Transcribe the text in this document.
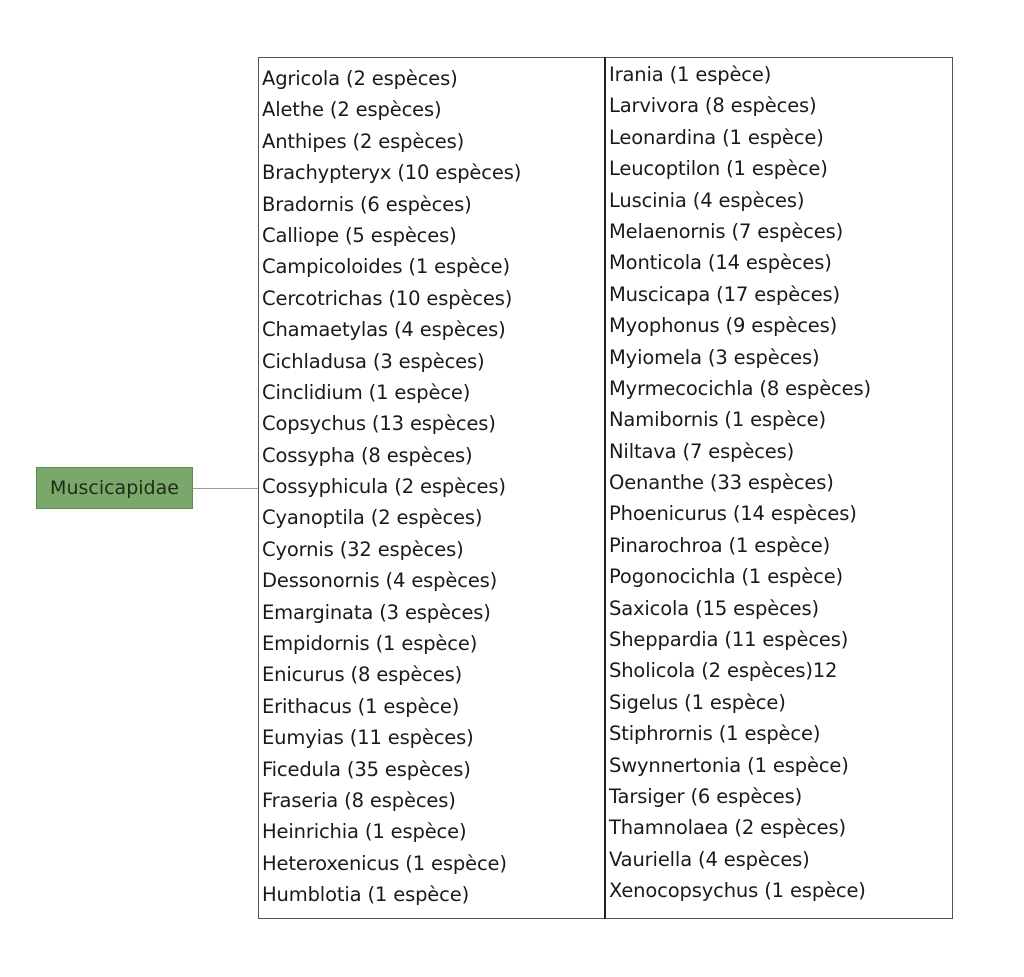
Muscicapidae
Agricola (2 espèces)
Alethe (2 espèces)
Anthipes (2 espèces)
Brachypteryx (10 espèces)
Bradornis (6 espèces)
Calliope (5 espèces)
Campicoloides (1 espèce)
Cercotrichas (10 espèces)
Chamaetylas (4 espèces)
Cichladusa (3 espèces)
Cinclidium (1 espèce)
Copsychus (13 espèces)
Cossypha (8 espèces)
Cossyphicula (2 espèces)
Cyanoptila (2 espèces)
Cyornis (32 espèces)
Dessonornis (4 espèces)
Emarginata (3 espèces)
Empidornis (1 espèce)
Enicurus (8 espèces)
Erithacus (1 espèce)
Eumyias (11 espèces)
Ficedula (35 espèces)
Fraseria (8 espèces)
Heinrichia (1 espèce)
Heteroxenicus (1 espèce)
Humblotia (1 espèce)
Irania (1 espèce)
Larvivora (8 espèces)
Leonardina (1 espèce)
Leucoptilon (1 espèce)
Luscinia (4 espèces)
Melaenornis (7 espèces)
Monticola (14 espèces)
Muscicapa (17 espèces)
Myophonus (9 espèces)
Myiomela (3 espèces)
Myrmecocichla (8 espèces)
Namibornis (1 espèce)
Niltava (7 espèces)
Oenanthe (33 espèces)
Phoenicurus (14 espèces)
Pinarochroa (1 espèce)
Pogonocichla (1 espèce)
Saxicola (15 espèces)
Sheppardia (11 espèces)
Sholicola (2 espèces)12
Sigelus (1 espèce)
Stiphrornis (1 espèce)
Swynnertonia (1 espèce)
Tarsiger (6 espèces)
Thamnolaea (2 espèces)
Vauriella (4 espèces)
Xenocopsychus (1 espèce)
